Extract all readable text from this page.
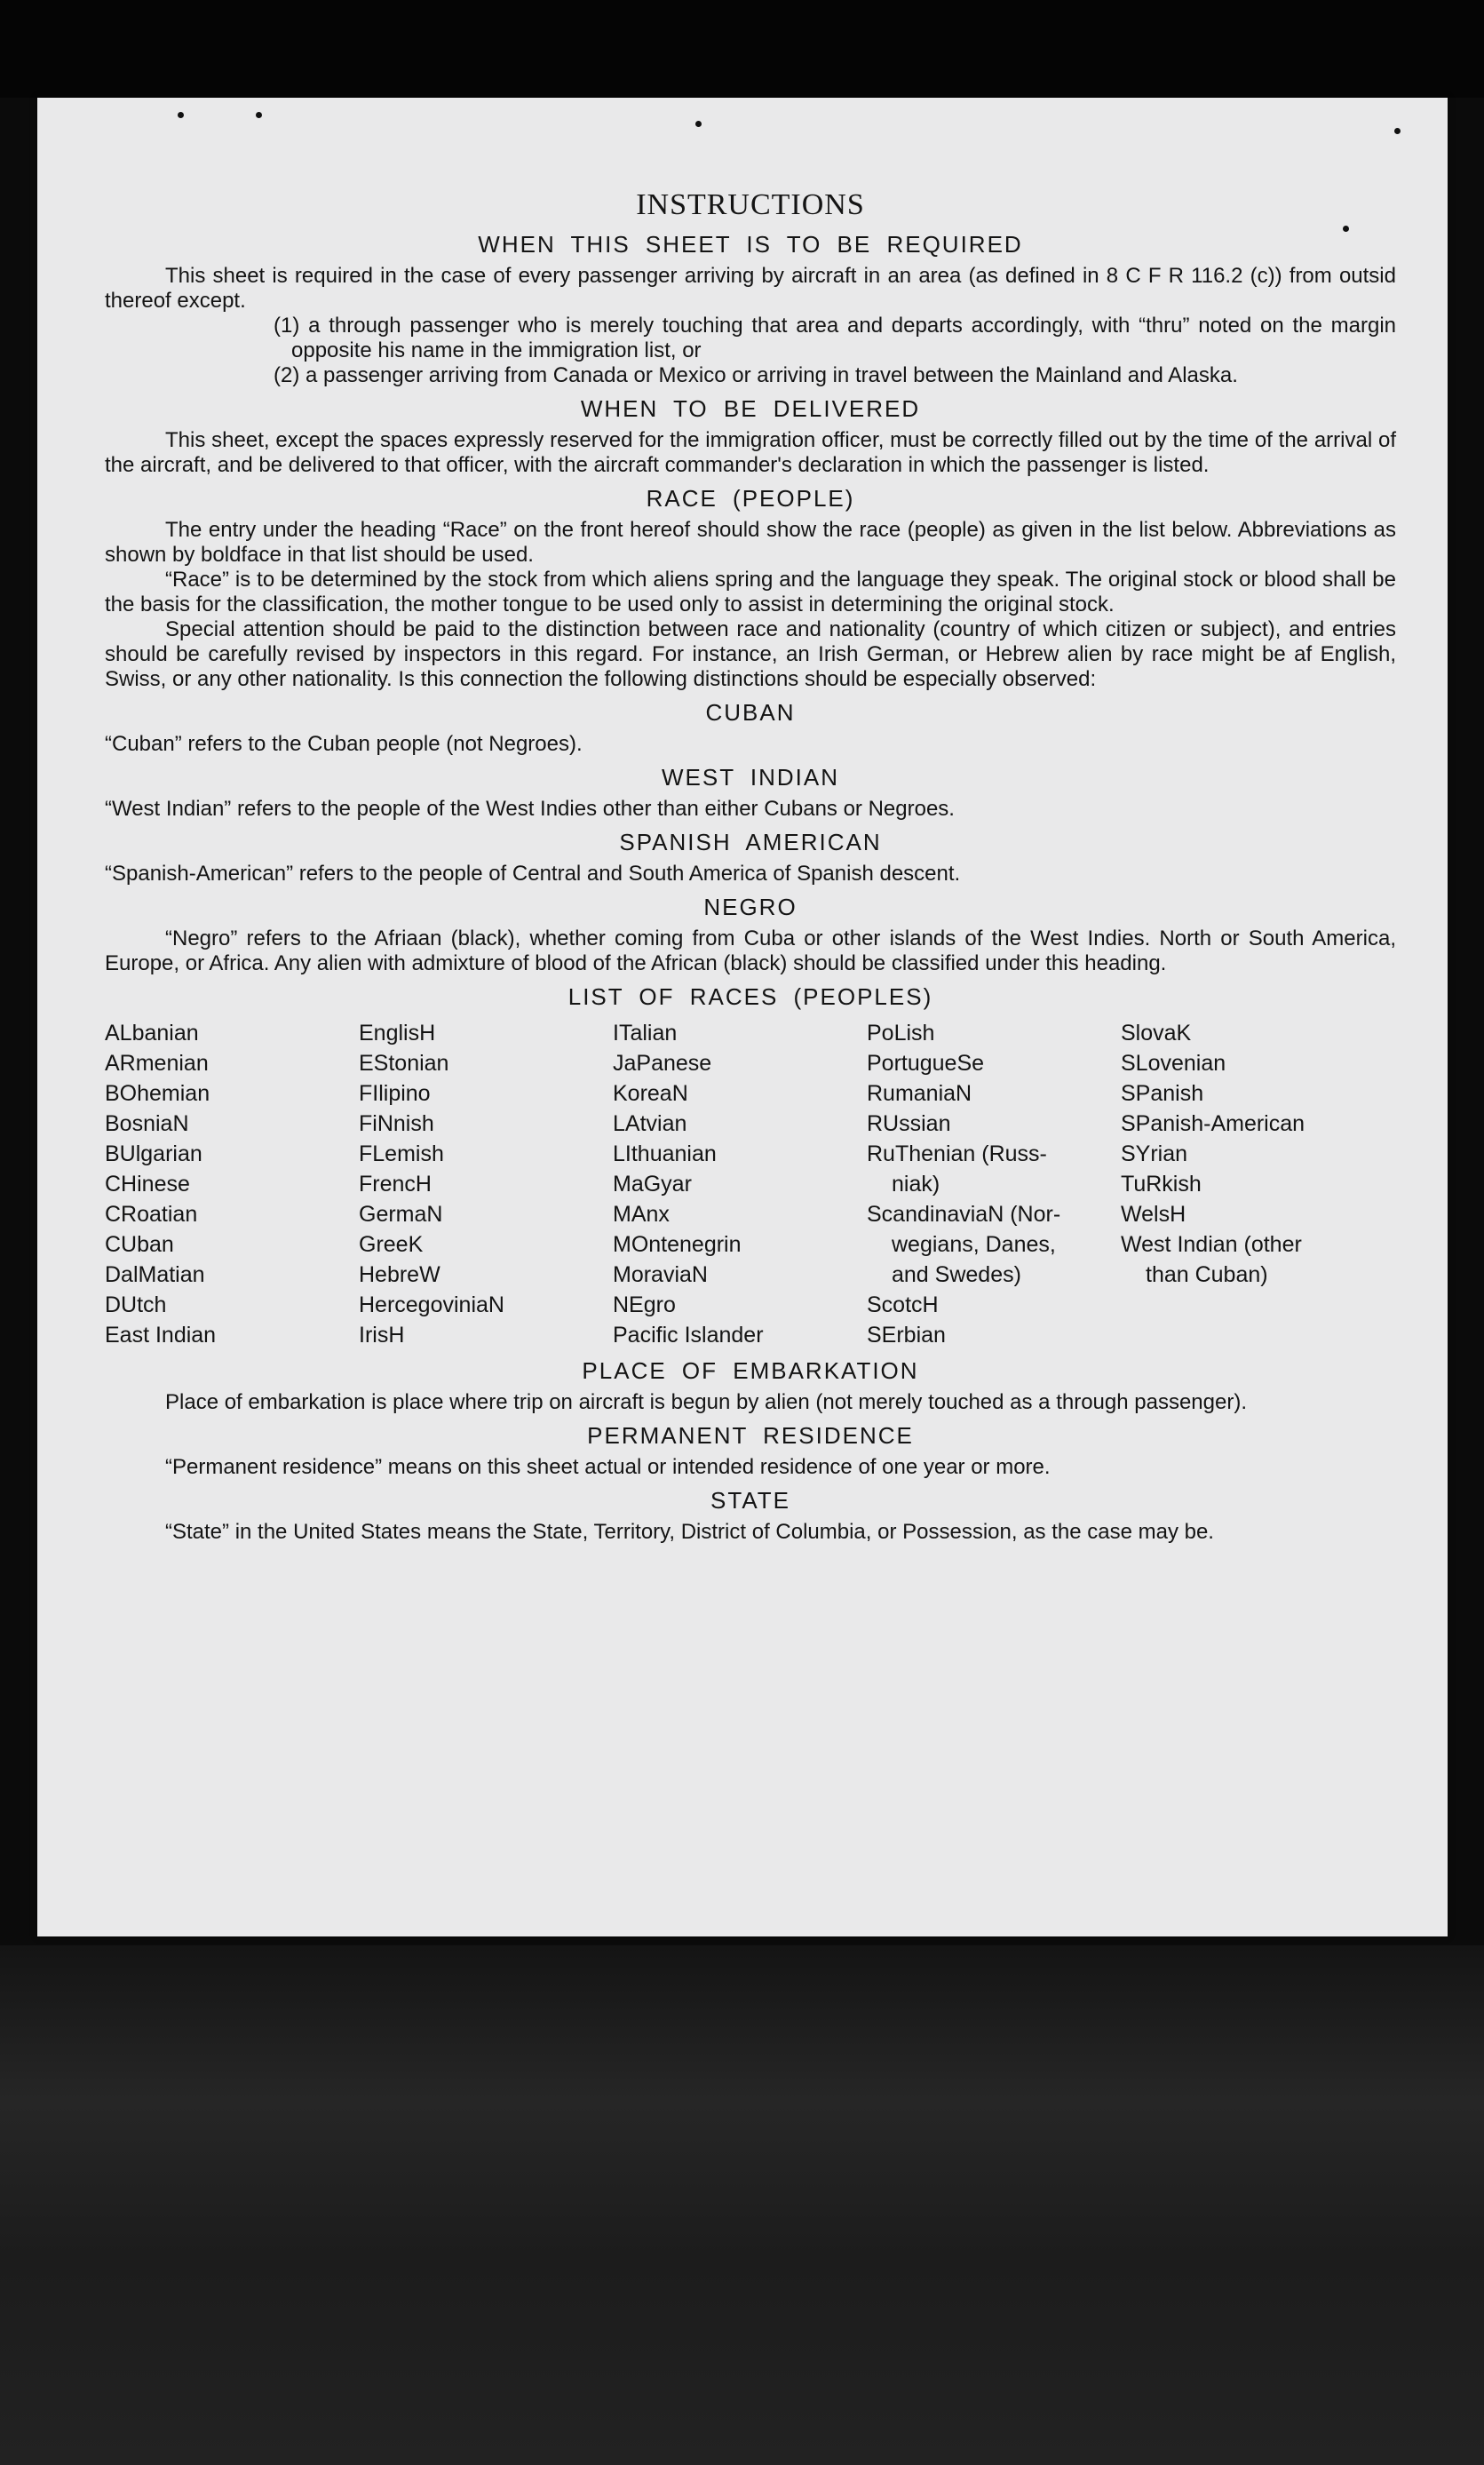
INSTRUCTIONS
WHEN THIS SHEET IS TO BE REQUIRED

This sheet is required in the case of every passenger arriving by aircraft in an area (as defined in 8 C F R 116.2 (c)) from outsid thereof except.

(1) a through passenger who is merely touching that area and departs accordingly, with “thru” noted on the margin opposite his name in the immigration list, or

(2) a passenger arriving from Canada or Mexico or arriving in travel between the Mainland and Alaska.

WHEN TO BE DELIVERED

This sheet, except the spaces expressly reserved for the immigration officer, must be correctly filled out by the time of the arrival of the aircraft, and be delivered to that officer, with the aircraft commander's declaration in which the passenger is listed.

RACE (PEOPLE)

The entry under the heading “Race” on the front hereof should show the race (people) as given in the list below. Abbreviations as shown by boldface in that list should be used.

“Race” is to be determined by the stock from which aliens spring and the language they speak. The original stock or blood shall be the basis for the classification, the mother tongue to be used only to assist in determining the original stock.

Special attention should be paid to the distinction between race and nationality (country of which citizen or subject), and entries should be carefully revised by inspectors in this regard. For instance, an Irish German, or Hebrew alien by race might be af English, Swiss, or any other nationality. Is this connection the following distinctions should be especially observed:

CUBAN

“Cuban” refers to the Cuban people (not Negroes).

WEST INDIAN

“West Indian” refers to the people of the West Indies other than either Cubans or Negroes.

SPANISH AMERICAN

“Spanish-American” refers to the people of Central and South America of Spanish descent.

NEGRO

“Negro” refers to the Afriaan (black), whether coming from Cuba or other islands of the West Indies. North or South America, Europe, or Africa. Any alien with admixture of blood of the African (black) should be classified under this heading.

LIST OF RACES (PEOPLES)
ALbanian
ARmenian
BOhemian
BosniaN
BUlgarian
CHinese
CRoatian
CUban
DalMatian
DUtch
East Indian
EnglisH
EStonian
FIlipino
FiNnish
FLemish
FrencH
GermaN
GreeK
HebreW
HercegoviniaN
IrisH
ITalian
JaPanese
KoreaN
LAtvian
LIthuanian
MaGyar
MAnx
MOntenegrin
MoraviaN
NEgro
Pacific Islander
PoLish
PortugueSe
RumaniaN
RUssian
RuThenian (Russ-
niak)
ScandinaviaN (Nor-
wegians, Danes,
and Swedes)
ScotcH
SErbian
SlovaK
SLovenian
SPanish
SPanish-American
SYrian
TuRkish
WelsH
West Indian (other
than Cuban)
PLACE OF EMBARKATION

Place of embarkation is place where trip on aircraft is begun by alien (not merely touched as a through passenger).

PERMANENT RESIDENCE

“Permanent residence” means on this sheet actual or intended residence of one year or more.

STATE

“State” in the United States means the State, Territory, District of Columbia, or Possession, as the case may be.
